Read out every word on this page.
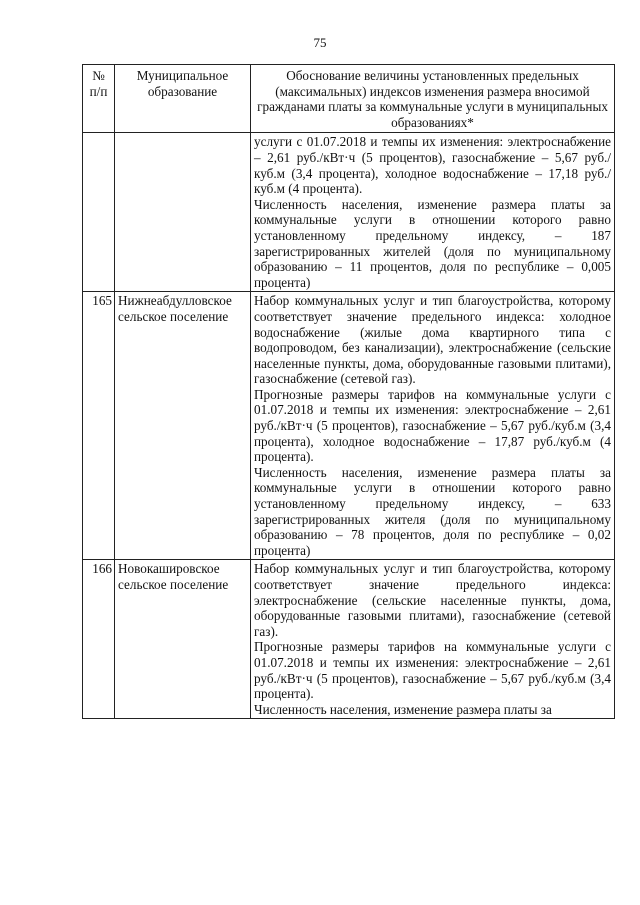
75
№ п/п	Муниципальное образование	Обоснование величины установленных предельных (максимальных) индексов изменения размера вносимой гражданами платы за коммунальные услуги в муниципальных образованиях*

		услуги с 01.07.2018 и темпы их изменения: электроснабжение – 2,61 руб./кВт·ч (5 процентов), газоснабжение – 5,67 руб./куб.м (3,4 процента), холодное водоснабжение – 17,18 руб./куб.м (4 процента).
Численность населения, изменение размера платы за коммунальные услуги в отношении которого равно установленному предельному индексу, – 187 зарегистрированных жителей (доля по муниципальному образованию – 11 процентов, доля по республике – 0,005 процента)

165	Нижнеабдулловское сельское поселение	Набор коммунальных услуг и тип благоустройства, которому соответствует значение предельного индекса: холодное водоснабжение (жилые дома квартирного типа с водопроводом, без канализации), электроснабжение (сельские населенные пункты, дома, оборудованные газовыми плитами), газоснабжение (сетевой газ).
Прогнозные размеры тарифов на коммунальные услуги с 01.07.2018 и темпы их изменения: электроснабжение – 2,61 руб./кВт·ч (5 процентов), газоснабжение – 5,67 руб./куб.м (3,4 процента), холодное водоснабжение – 17,87 руб./куб.м (4 процента).
Численность населения, изменение размера платы за коммунальные услуги в отношении которого равно установленному предельному индексу, – 633 зарегистрированных жителя (доля по муниципальному образованию – 78 процентов, доля по республике – 0,02 процента)

166	Новокашировское сельское поселение	Набор коммунальных услуг и тип благоустройства, которому соответствует значение предельного индекса: электроснабжение (сельские населенные пункты, дома, оборудованные газовыми плитами), газоснабжение (сетевой газ).
Прогнозные размеры тарифов на коммунальные услуги с 01.07.2018 и темпы их изменения: электроснабжение – 2,61 руб./кВт·ч (5 процентов), газоснабжение – 5,67 руб./куб.м (3,4 процента).
Численность населения, изменение размера платы за
